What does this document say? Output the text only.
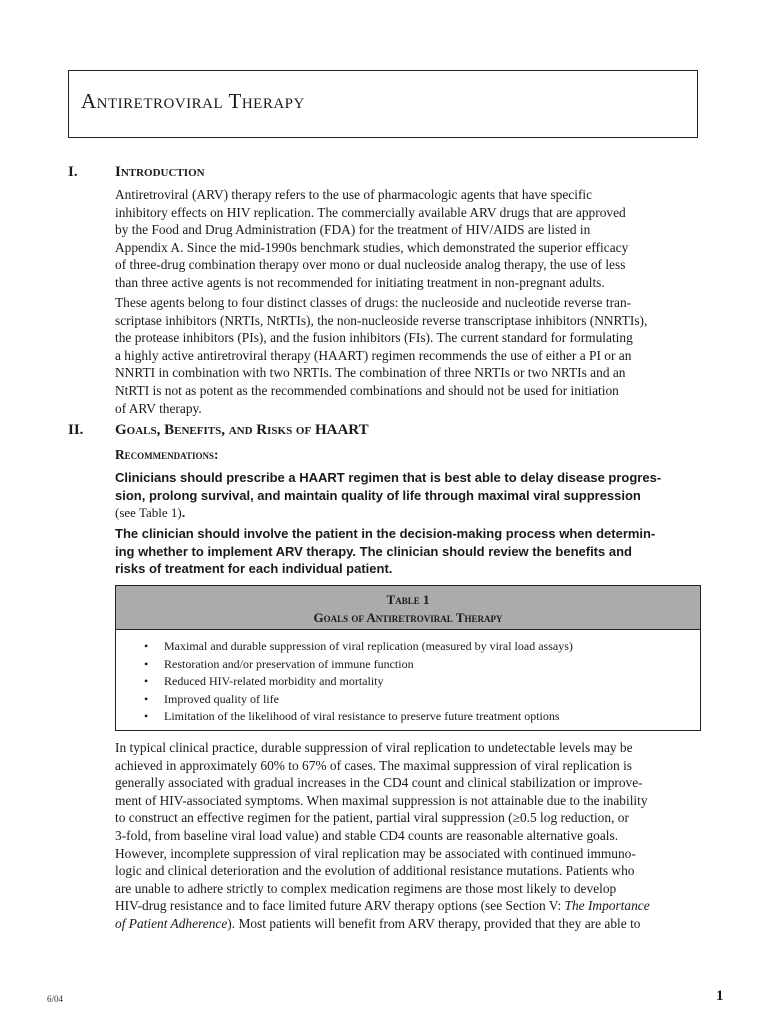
Antiretroviral Therapy
I. Introduction

Antiretroviral (ARV) therapy refers to the use of pharmacologic agents that have specific
inhibitory effects on HIV replication. The commercially available ARV drugs that are approved
by the Food and Drug Administration (FDA) for the treatment of HIV/AIDS are listed in
Appendix A. Since the mid-1990s benchmark studies, which demonstrated the superior efficacy
of three-drug combination therapy over mono or dual nucleoside analog therapy, the use of less
than three active agents is not recommended for initiating treatment in non-pregnant adults.

These agents belong to four distinct classes of drugs: the nucleoside and nucleotide reverse tran-
scriptase inhibitors (NRTIs, NtRTIs), the non-nucleoside reverse transcriptase inhibitors (NNRTIs),
the protease inhibitors (PIs), and the fusion inhibitors (FIs). The current standard for formulating
a highly active antiretroviral therapy (HAART) regimen recommends the use of either a PI or an
NNRTI in combination with two NRTIs. The combination of three NRTIs or two NRTIs and an
NtRTI is not as potent as the recommended combinations and should not be used for initiation
of ARV therapy.

II. Goals, Benefits, and Risks of HAART
Recommendations:

Clinicians should prescribe a HAART regimen that is best able to delay disease progres-
sion, prolong survival, and maintain quality of life through maximal viral suppression
(see Table 1).

The clinician should involve the patient in the decision-making process when determin-
ing whether to implement ARV therapy. The clinician should review the benefits and
risks of treatment for each individual patient.

Table 1
Goals of Antiretroviral Therapy
• Maximal and durable suppression of viral replication (measured by viral load assays)
• Restoration and/or preservation of immune function
• Reduced HIV-related morbidity and mortality
• Improved quality of life
• Limitation of the likelihood of viral resistance to preserve future treatment options

In typical clinical practice, durable suppression of viral replication to undetectable levels may be
achieved in approximately 60% to 67% of cases. The maximal suppression of viral replication is
generally associated with gradual increases in the CD4 count and clinical stabilization or improve-
ment of HIV-associated symptoms. When maximal suppression is not attainable due to the inability
to construct an effective regimen for the patient, partial viral suppression (≥0.5 log reduction, or
3-fold, from baseline viral load value) and stable CD4 counts are reasonable alternative goals.
However, incomplete suppression of viral replication may be associated with continued immuno-
logic and clinical deterioration and the evolution of additional resistance mutations. Patients who
are unable to adhere strictly to complex medication regimens are those most likely to develop
HIV-drug resistance and to face limited future ARV therapy options (see Section V: The Importance
of Patient Adherence). Most patients will benefit from ARV therapy, provided that they are able to

6/04	1
